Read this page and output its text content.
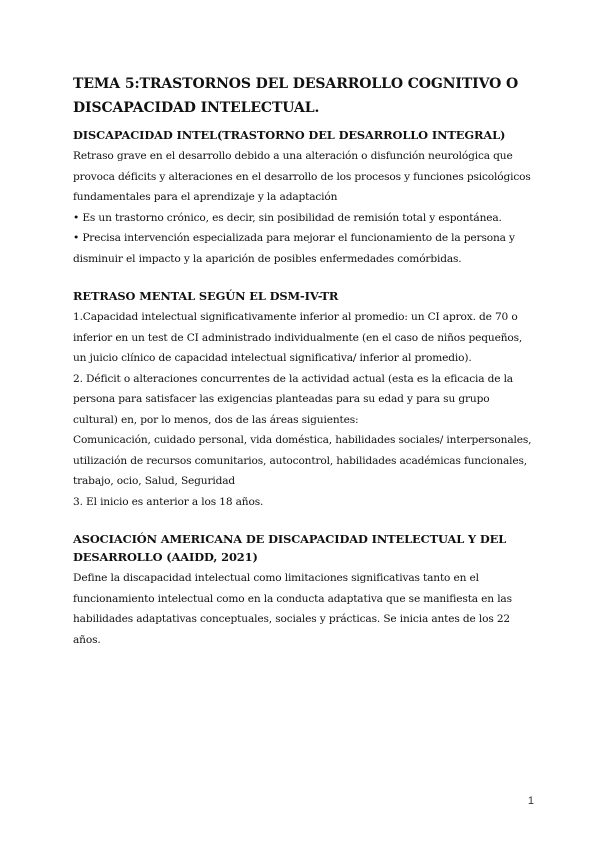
TEMA 5:TRASTORNOS DEL DESARROLLO COGNITIVO O DISCAPACIDAD INTELECTUAL.
DISCAPACIDAD INTEL(TRASTORNO DEL DESARROLLO INTEGRAL)

Retraso grave en el desarrollo debido a una alteración o disfunción neurológica que provoca déficits y alteraciones en el desarrollo de los procesos y funciones psicológicos fundamentales para el aprendizaje y la adaptación

• Es un trastorno crónico, es decir, sin posibilidad de remisión total y espontánea.

• Precisa intervención especializada para mejorar el funcionamiento de la persona y disminuir el impacto y la aparición de posibles enfermedades comórbidas.

RETRASO MENTAL SEGÚN EL DSM-IV-TR

1.Capacidad intelectual significativamente inferior al promedio: un CI aprox. de 70 o inferior en un test de CI administrado individualmente (en el caso de niños pequeños, un juicio clínico de capacidad intelectual significativa/ inferior al promedio).

2. Déficit o alteraciones concurrentes de la actividad actual (esta es la eficacia de la persona para satisfacer las exigencias planteadas para su edad y para su grupo cultural) en, por lo menos, dos de las áreas siguientes:

Comunicación, cuidado personal, vida doméstica, habilidades sociales/ interpersonales, utilización de recursos comunitarios, autocontrol, habilidades académicas funcionales, trabajo, ocio, Salud, Seguridad

3. El inicio es anterior a los 18 años.

ASOCIACIÓN AMERICANA DE DISCAPACIDAD INTELECTUAL Y DEL DESARROLLO (AAIDD, 2021)

Define la discapacidad intelectual como limitaciones significativas tanto en el funcionamiento intelectual como en la conducta adaptativa que se manifiesta en las habilidades adaptativas conceptuales, sociales y prácticas. Se inicia antes de los 22 años.

1
